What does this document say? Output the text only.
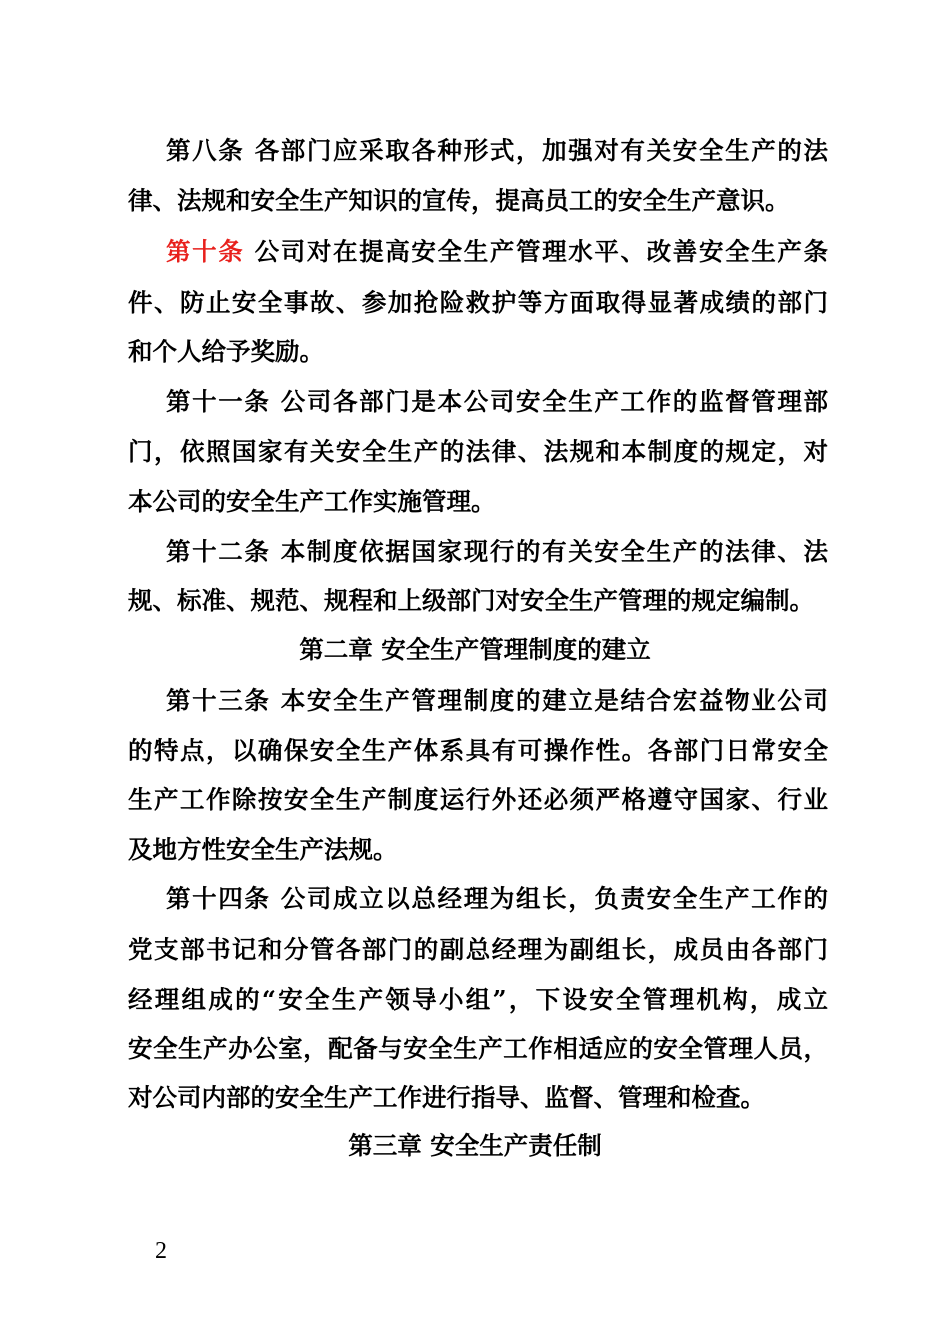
第八条 各部门应采取各种形式，加强对有关安全生产的法
律、法规和安全生产知识的宣传，提高员工的安全生产意识。
第十条 公司对在提高安全生产管理水平、改善安全生产条
件、防止安全事故、参加抢险救护等方面取得显著成绩的部门
和个人给予奖励。
第十一条 公司各部门是本公司安全生产工作的监督管理部
门，依照国家有关安全生产的法律、法规和本制度的规定，对
本公司的安全生产工作实施管理。
第十二条 本制度依据国家现行的有关安全生产的法律、法
规、标准、规范、规程和上级部门对安全生产管理的规定编制。
第二章 安全生产管理制度的建立
第十三条 本安全生产管理制度的建立是结合宏益物业公司
的特点，以确保安全生产体系具有可操作性。各部门日常安全
生产工作除按安全生产制度运行外还必须严格遵守国家、行业
及地方性安全生产法规。
第十四条 公司成立以总经理为组长，负责安全生产工作的
党支部书记和分管各部门的副总经理为副组长，成员由各部门
经理组成的“安全生产领导小组”，下设安全管理机构，成立
安全生产办公室，配备与安全生产工作相适应的安全管理人员，
对公司内部的安全生产工作进行指导、监督、管理和检查。
第三章 安全生产责任制
2
